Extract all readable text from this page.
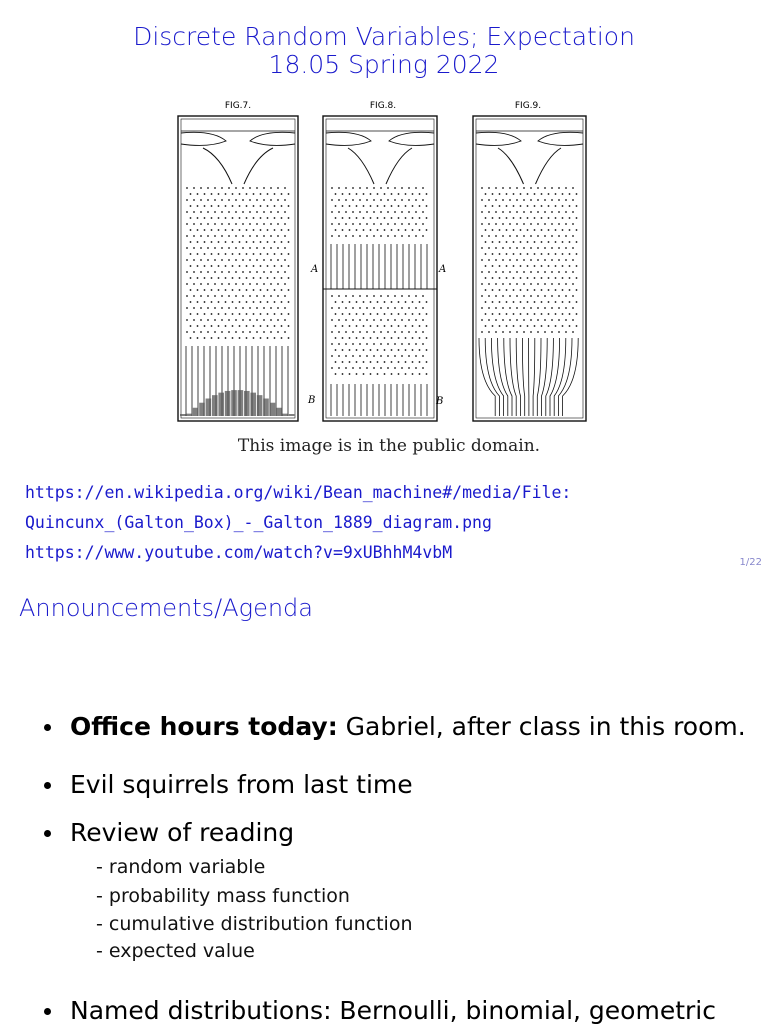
Discrete Random Variables; Expectation
18.05 Spring 2022
FIG.7.	FIG.8.	FIG.9.
A	A
B	B
This image is in the public domain.
https://en.wikipedia.org/wiki/Bean_machine#/media/File:
Quincunx_(Galton_Box)_-_Galton_1889_diagram.png
https://www.youtube.com/watch?v=9xUBhhM4vbM
1/22
Announcements/Agenda
Office hours today: Gabriel, after class in this room.
Evil squirrels from last time
Review of reading
- random variable
- probability mass function
- cumulative distribution function
- expected value
Named distributions: Bernoulli, binomial, geometric
